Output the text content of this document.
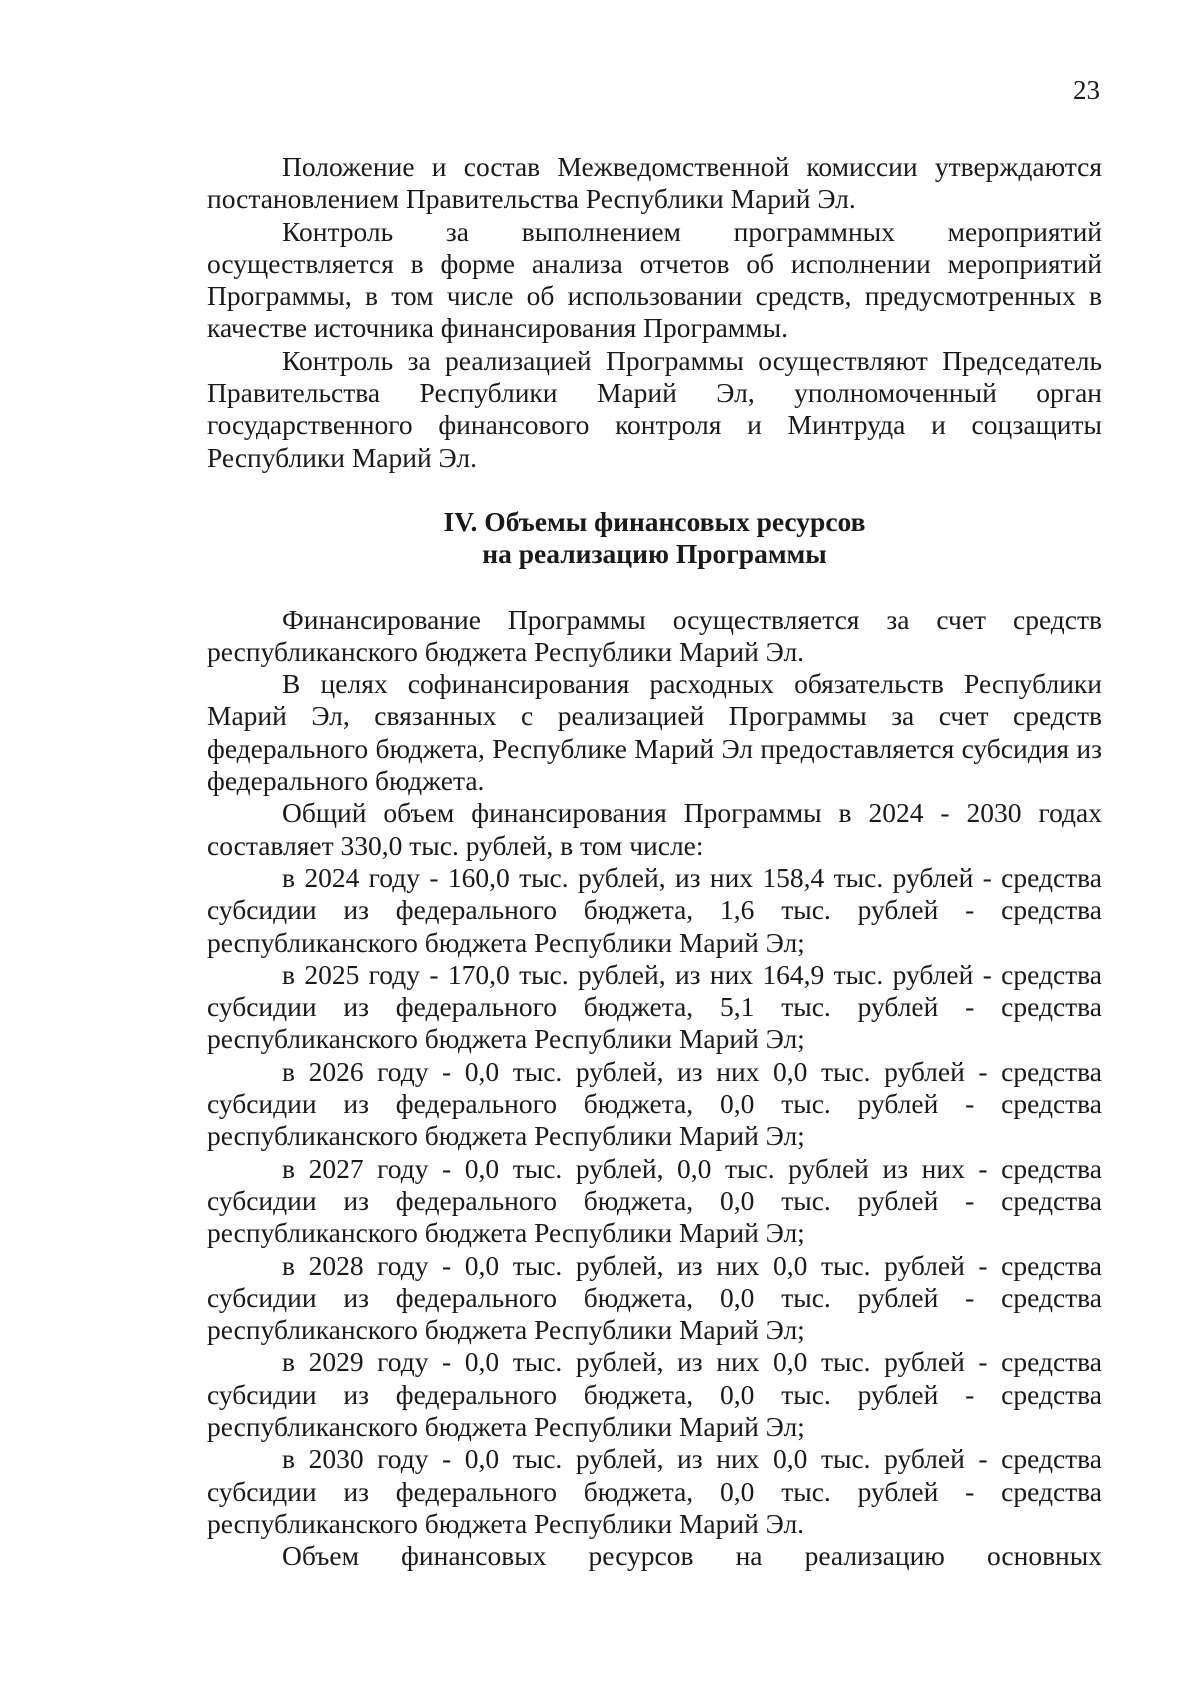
23

Положение и состав Межведомственной комиссии утверждаются постановлением Правительства Республики Марий Эл.

Контроль за выполнением программных мероприятий осуществляется в форме анализа отчетов об исполнении мероприятий Программы, в том числе об использовании средств, предусмотренных в качестве источника финансирования Программы.

Контроль за реализацией Программы осуществляют Председатель Правительства Республики Марий Эл, уполномоченный орган государственного финансового контроля и Минтруда и соцзащиты Республики Марий Эл.

IV. Объемы финансовых ресурсов
на реализацию Программы

Финансирование Программы осуществляется за счет средств республиканского бюджета Республики Марий Эл.

В целях софинансирования расходных обязательств Республики Марий Эл, связанных с реализацией Программы за счет средств федерального бюджета, Республике Марий Эл предоставляется субсидия из федерального бюджета.

Общий объем финансирования Программы в 2024 - 2030 годах составляет 330,0 тыс. рублей, в том числе:

в 2024 году - 160,0 тыс. рублей, из них 158,4 тыс. рублей - средства субсидии из федерального бюджета, 1,6 тыс. рублей - средства республиканского бюджета Республики Марий Эл;

в 2025 году - 170,0 тыс. рублей, из них 164,9 тыс. рублей - средства субсидии из федерального бюджета, 5,1 тыс. рублей - средства республиканского бюджета Республики Марий Эл;

в 2026 году - 0,0 тыс. рублей, из них 0,0 тыс. рублей - средства субсидии из федерального бюджета, 0,0 тыс. рублей - средства республиканского бюджета Республики Марий Эл;

в 2027 году - 0,0 тыс. рублей, 0,0 тыс. рублей из них - средства субсидии из федерального бюджета, 0,0 тыс. рублей - средства республиканского бюджета Республики Марий Эл;

в 2028 году - 0,0 тыс. рублей, из них 0,0 тыс. рублей - средства субсидии из федерального бюджета, 0,0 тыс. рублей - средства республиканского бюджета Республики Марий Эл;

в 2029 году - 0,0 тыс. рублей, из них 0,0 тыс. рублей - средства субсидии из федерального бюджета, 0,0 тыс. рублей - средства республиканского бюджета Республики Марий Эл;

в 2030 году - 0,0 тыс. рублей, из них 0,0 тыс. рублей - средства субсидии из федерального бюджета, 0,0 тыс. рублей - средства республиканского бюджета Республики Марий Эл.

Объем финансовых ресурсов на реализацию основных
